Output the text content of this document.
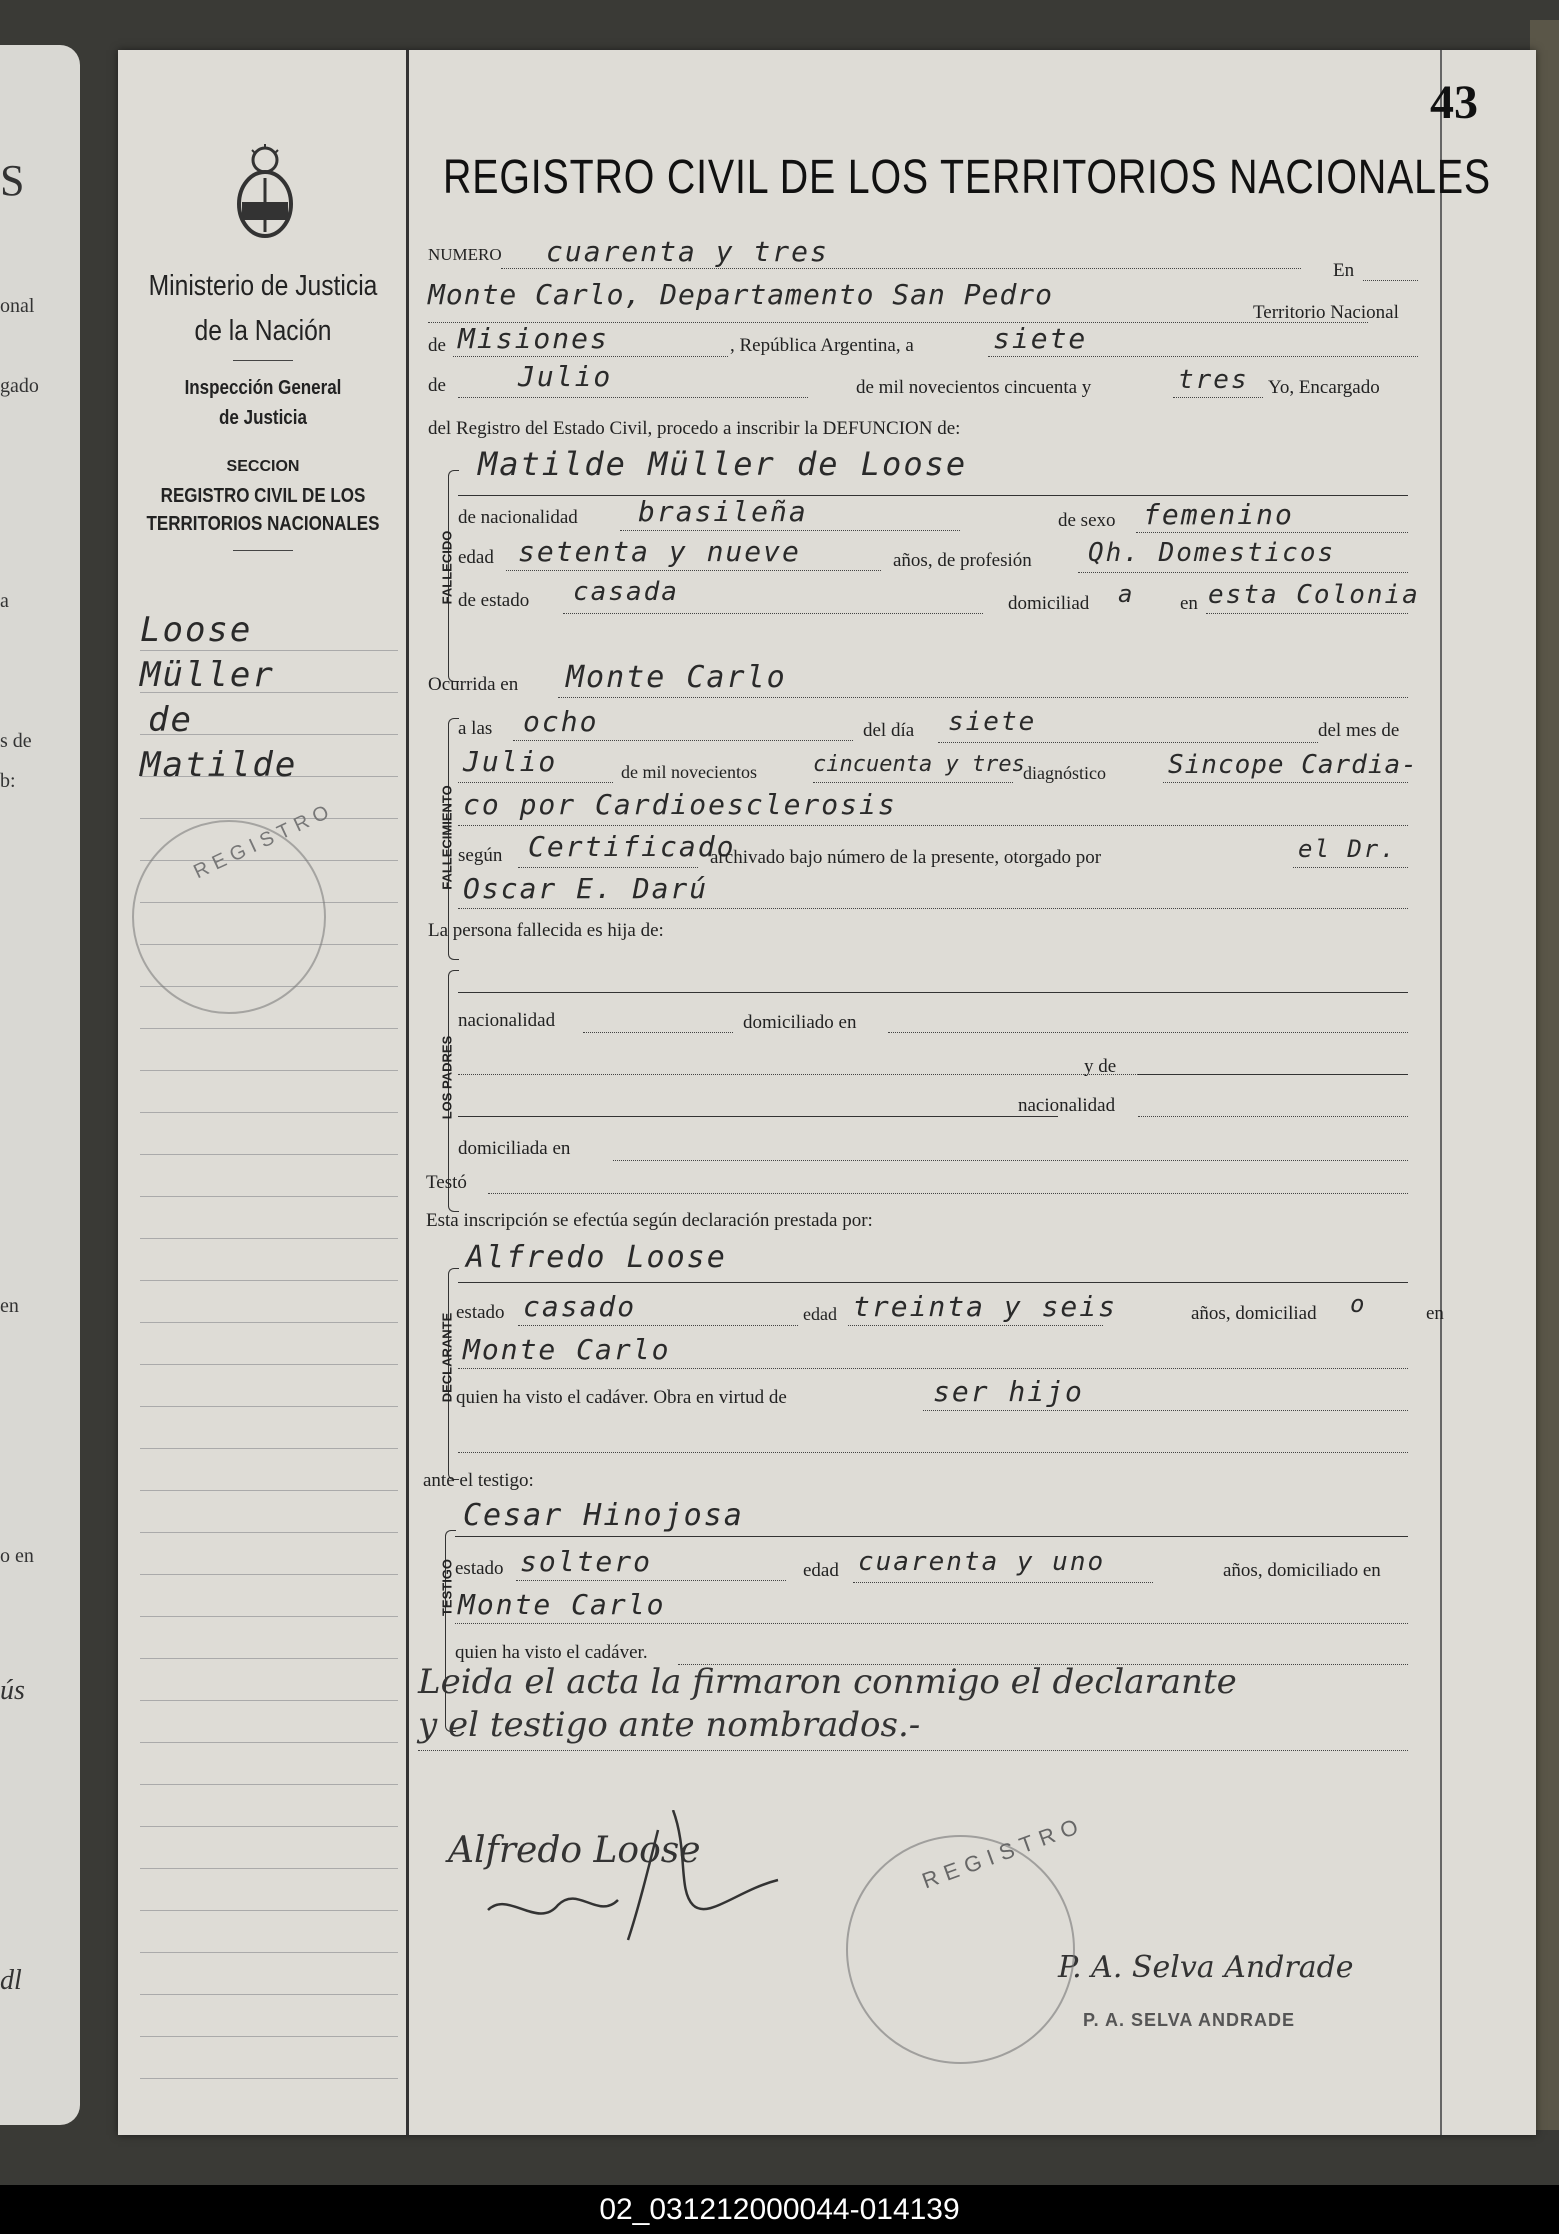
S
onal
gado
a
s de
b:
en
o en
ús
dl
Ministerio de Justicia
de la Nación
Inspección General
de Justicia
SECCION
REGISTRO CIVIL DE LOS
TERRITORIOS NACIONALES
Loose
Müller
de
Matilde
REGISTRO
43
REGISTRO CIVIL DE LOS TERRITORIOS NACIONALES
NUMERO cuarenta y tres
En
Monte Carlo, Departamento San Pedro
Territorio Nacional
de Misiones	, República Argentina, a	siete
de	Julio	de mil novecientos cincuenta y	tres Yo, Encargado
del Registro del Estado Civil, procedo a inscribir la DEFUNCION de:
FALLECIDO
Matilde Müller de Loose
de nacionalidad brasileña	de sexo femenino
edad setenta y nueve	años, de profesión Qh. Domesticos
de estado casada	domiciliad a en esta Colonia
Ocurrida en Monte Carlo
FALLECIMIENTO
a las ocho	del día siete	del mes de
Julio	de mil novecientos	cincuenta y tres
diagnóstico Sincope Cardia-
co por Cardioesclerosis
según Certificado
archivado bajo número de la presente, otorgado por	el Dr.
Oscar E. Darú
La persona fallecida es hija de:
LOS PADRES
nacionalidad	domiciliado en
y de
nacionalidad
domiciliada en
Testó
Esta inscripción se efectúa según declaración prestada por:
DECLARANTE
Alfredo Loose
estado casado	edad treinta y seis	años, domiciliad o	en
Monte Carlo
quien ha visto el cadáver. Obra en virtud de	ser hijo
ante el testigo:
TESTIGO
Cesar Hinojosa
estado soltero	edad cuarenta y uno	años, domiciliado en
Monte Carlo
quien ha visto el cadáver.
Leida el acta la firmaron conmigo el declarante
y el testigo ante nombrados.-
Alfredo Loose
P. A. Selva Andrade
P. A. SELVA ANDRADE
REGISTRO
02_031212000044-014139
